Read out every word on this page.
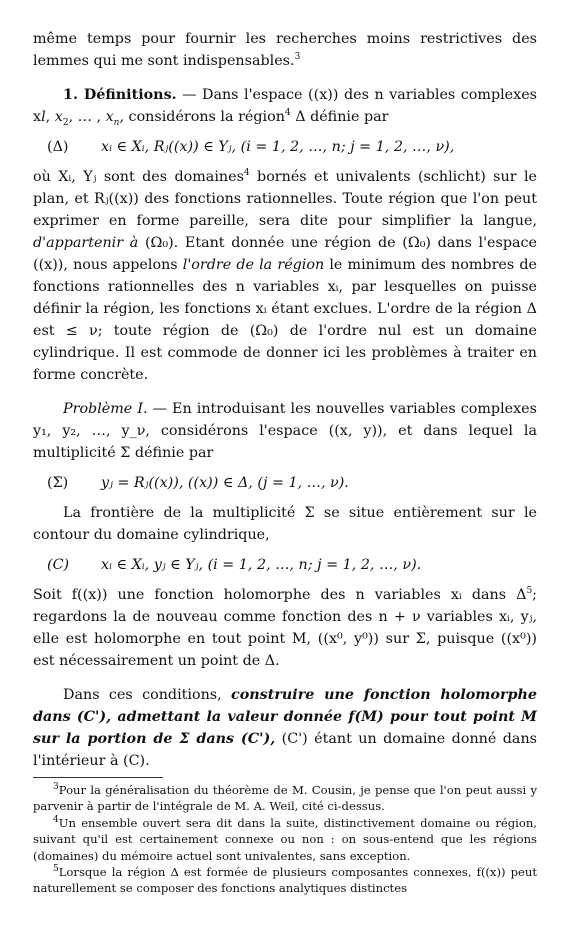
même temps pour fournir les recherches moins restrictives des lemmes qui me sont indispensables.$^3$

1. Définitions. — Dans l'espace ((x)) des n variables complexes xl, $x_2$, … , $x_n$, considérons la région$^4$ Δ définie par

(Δ)	xᵢ ∈ Xᵢ, Rⱼ((x)) ∈ Yⱼ, (i = 1, 2, …, n; j = 1, 2, …, ν),

où Xᵢ, Yⱼ sont des domaines$^4$ bornés et univalents (schlicht) sur le plan, et Rⱼ((x)) des fonctions rationnelles. Toute région que l'on peut exprimer en forme pareille, sera dite pour simplifier la langue, d'appartenir à (Ω₀). Etant donnée une région de (Ω₀) dans l'espace ((x)), nous appelons l'ordre de la région le minimum des nombres de fonctions rationnelles des n variables xᵢ, par lesquelles on puisse définir la région, les fonctions xᵢ étant exclues. L'ordre de la région Δ est ≤ ν; toute région de (Ω₀) de l'ordre nul est un domaine cylindrique. Il est commode de donner ici les problèmes à traiter en forme concrète.

Problème I. — En introduisant les nouvelles variables complexes y₁, y₂, …, y_ν, considérons l'espace ((x, y)), et dans lequel la multiplicité Σ définie par

(Σ)	yⱼ = Rⱼ((x)), ((x)) ∈ Δ, (j = 1, …, ν).

La frontière de la multiplicité Σ se situe entièrement sur le contour du domaine cylindrique,

(C)	xᵢ ∈ Xᵢ, yⱼ ∈ Yⱼ, (i = 1, 2, …, n; j = 1, 2, …, ν).

Soit f((x)) une fonction holomorphe des n variables xᵢ dans $\Delta^5$; regardons la de nouveau comme fonction des n + ν variables xᵢ, yⱼ, elle est holomorphe en tout point M, ((x⁰, y⁰)) sur Σ, puisque ((x⁰)) est nécessairement un point de Δ.

Dans ces conditions, construire une fonction holomorphe dans (C'), admettant la valeur donnée f(M) pour tout point M sur la portion de Σ dans (C'), (C') étant un domaine donné dans l'intérieur à (C).

$^3$Pour la généralisation du théorème de M. Cousin, je pense que l'on peut aussi y parvenir à partir de l'intégrale de M. A. Weil, cité ci-dessus.

$^4$Un ensemble ouvert sera dit dans la suite, distinctivement domaine ou région, suivant qu'il est certainement connexe ou non : on sous-entend que les régions (domaines) du mémoire actuel sont univalentes, sans exception.

$^5$Lorsque la région Δ est formée de plusieurs composantes connexes, f((x)) peut naturellement se composer des fonctions analytiques distinctes
